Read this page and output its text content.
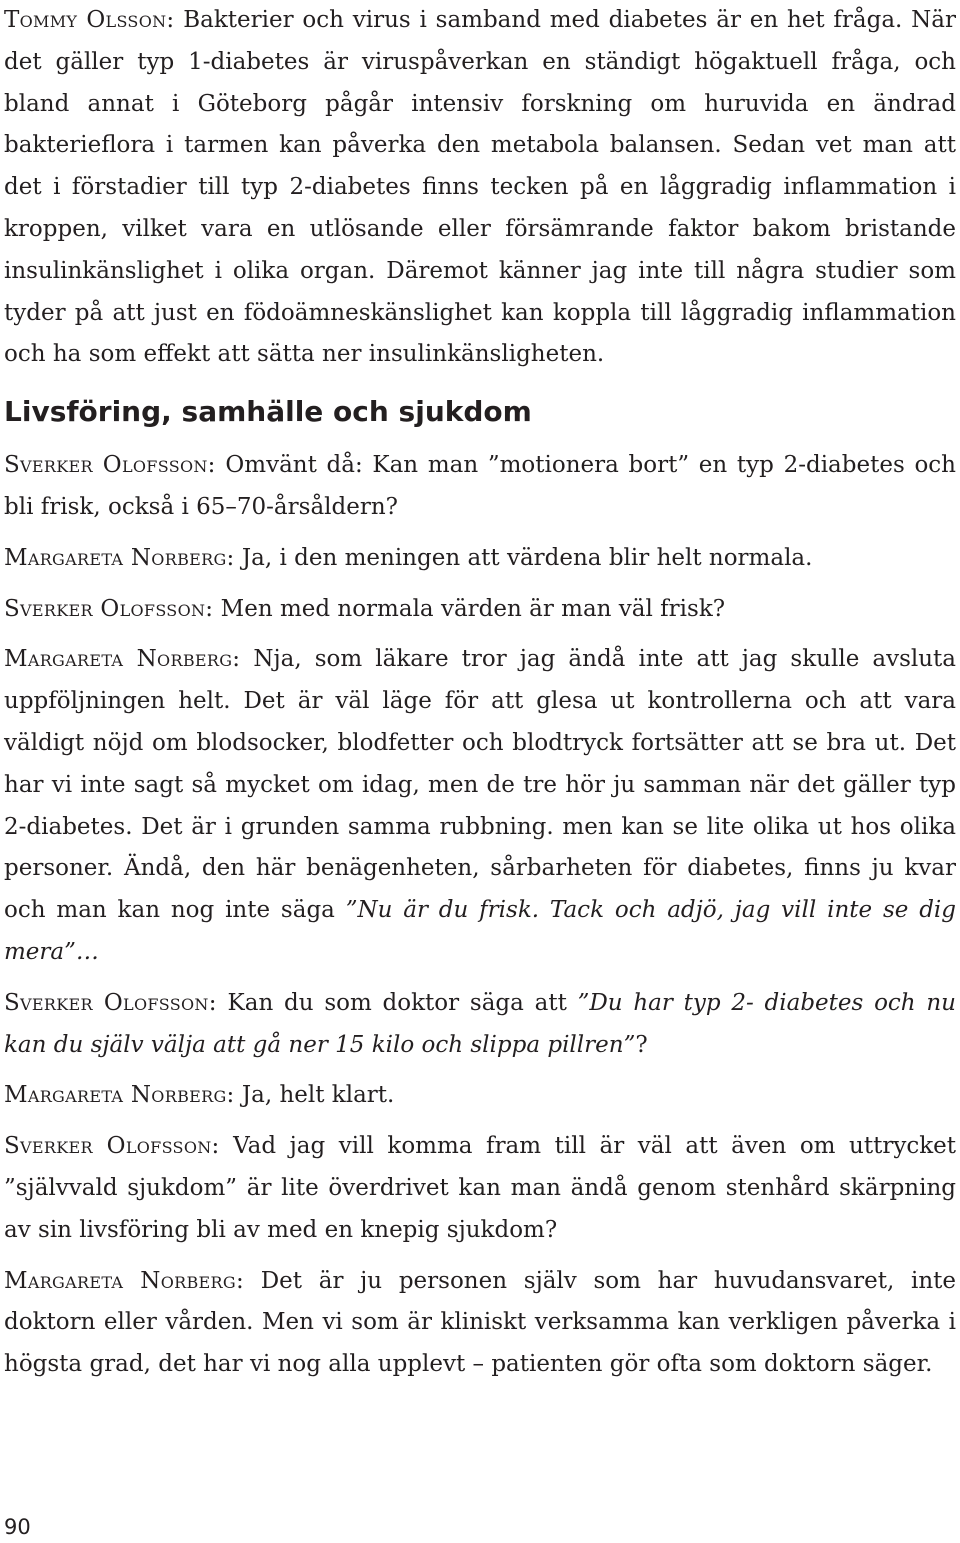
Tommy Olsson: Bakterier och virus i samband med diabetes är en het fråga. När det gäller typ 1-diabetes är viruspåverkan en ständigt högaktuell fråga, och bland annat i Göteborg pågår intensiv forskning om huruvida en ändrad bakterieflora i tarmen kan påverka den metabola balansen. Sedan vet man att det i förstadier till typ 2-diabetes finns tecken på en låggradig inflammation i kroppen, vilket vara en utlösande eller försämrande faktor bakom bristande insulinkänslighet i olika organ. Däremot känner jag inte till några studier som tyder på att just en födoämneskänslighet kan koppla till låggradig inflammation och ha som effekt att sätta ner insulinkänsligheten.

Livsföring, samhälle och sjukdom

Sverker Olofsson: Omvänt då: Kan man ”motionera bort” en typ 2-diabetes och bli frisk, också i 65–70-årsåldern?

Margareta Norberg: Ja, i den meningen att värdena blir helt normala.

Sverker Olofsson: Men med normala värden är man väl frisk?

Margareta Norberg: Nja, som läkare tror jag ändå inte att jag skulle avsluta uppföljningen helt. Det är väl läge för att glesa ut kontrollerna och att vara väldigt nöjd om blodsocker, blodfetter och blodtryck fortsätter att se bra ut. Det har vi inte sagt så mycket om idag, men de tre hör ju samman när det gäller typ 2-diabetes. Det är i grunden samma rubbning. men kan se lite olika ut hos olika personer. Ändå, den här benägenheten, sårbarheten för diabetes, finns ju kvar och man kan nog inte säga ”Nu är du frisk. Tack och adjö, jag vill inte se dig mera”…

Sverker Olofsson: Kan du som doktor säga att ”Du har typ 2- diabetes och nu kan du själv välja att gå ner 15 kilo och slippa pillren”?

Margareta Norberg: Ja, helt klart.

Sverker Olofsson: Vad jag vill komma fram till är väl att även om uttrycket ”självvald sjukdom” är lite överdrivet kan man ändå genom stenhård skärpning av sin livsföring bli av med en knepig sjukdom?

Margareta Norberg: Det är ju personen själv som har huvudansvaret, inte doktorn eller vården. Men vi som är kliniskt verksamma kan verkligen påverka i högsta grad, det har vi nog alla upplevt – patienten gör ofta som doktorn säger.

90
